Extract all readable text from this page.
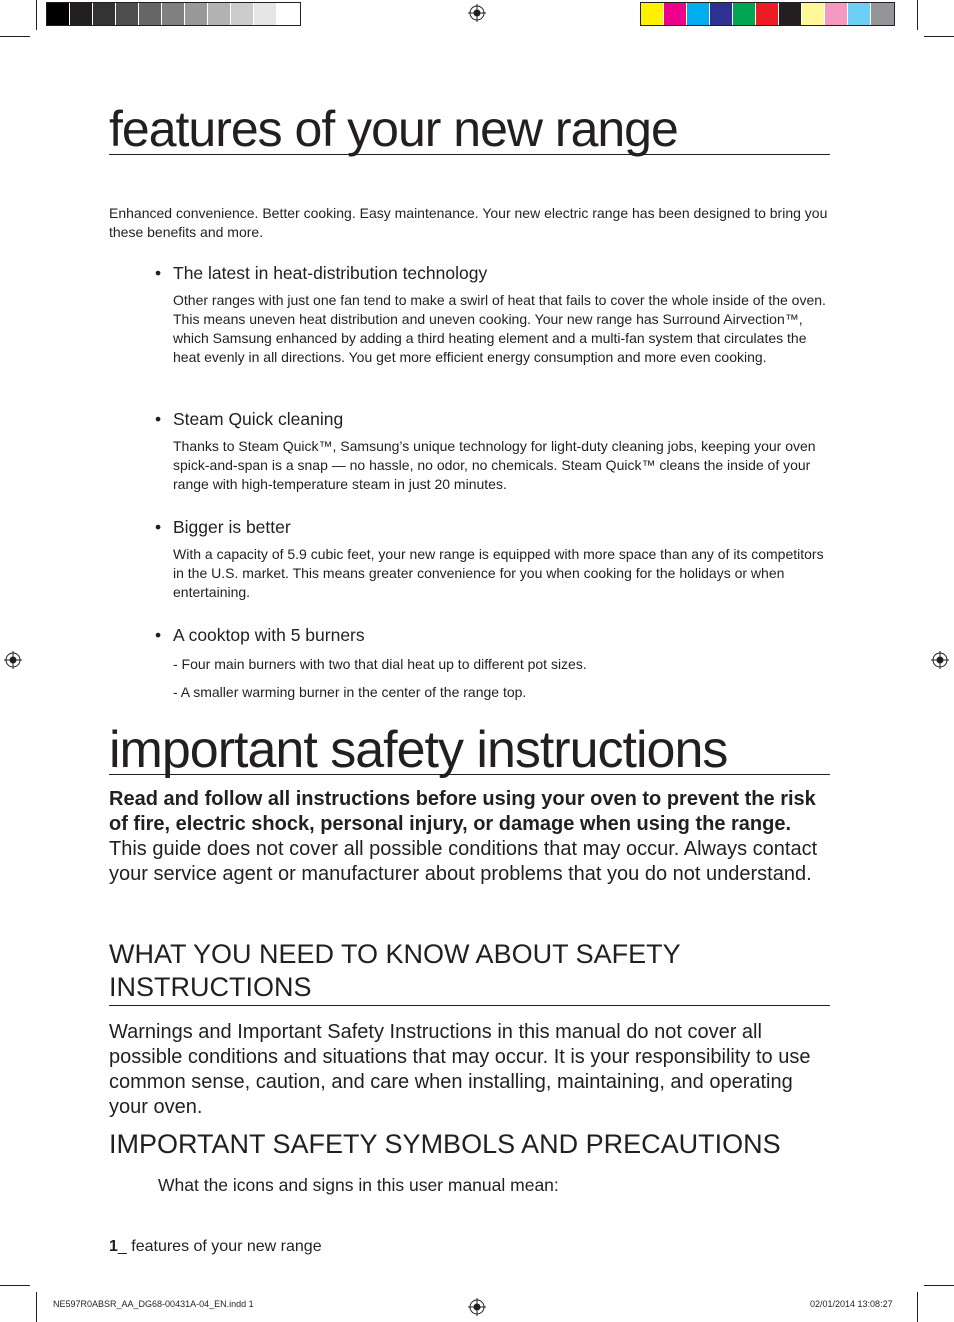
features of your new range
Enhanced convenience. Better cooking. Easy maintenance. Your new electric range has been designed to bring you these benefits and more.
• The latest in heat-distribution technology
Other ranges with just one fan tend to make a swirl of heat that fails to cover the whole inside of the oven. This means uneven heat distribution and uneven cooking. Your new range has Surround Airvection™, which Samsung enhanced by adding a third heating element and a multi-fan system that circulates the heat evenly in all directions. You get more efficient energy consumption and more even cooking.
• Steam Quick cleaning
Thanks to Steam Quick™, Samsung’s unique technology for light-duty cleaning jobs, keeping your oven spick-and-span is a snap — no hassle, no odor, no chemicals. Steam Quick™ cleans the inside of your range with high-temperature steam in just 20 minutes.
• Bigger is better
With a capacity of 5.9 cubic feet, your new range is equipped with more space than any of its competitors in the U.S. market. This means greater convenience for you when cooking for the holidays or when entertaining.
• A cooktop with 5 burners
- Four main burners with two that dial heat up to different pot sizes.
- A smaller warming burner in the center of the range top.
important safety instructions
Read and follow all instructions before using your oven to prevent the risk of fire, electric shock, personal injury, or damage when using the range. This guide does not cover all possible conditions that may occur. Always contact your service agent or manufacturer about problems that you do not understand.
WHAT YOU NEED TO KNOW ABOUT SAFETY INSTRUCTIONS
Warnings and Important Safety Instructions in this manual do not cover all possible conditions and situations that may occur. It is your responsibility to use common sense, caution, and care when installing, maintaining, and operating your oven.
IMPORTANT SAFETY SYMBOLS AND PRECAUTIONS
What the icons and signs in this user manual mean:
1_ features of your new range
NE597R0ABSR_AA_DG68-00431A-04_EN.indd 1	02/01/2014 13:08:27
